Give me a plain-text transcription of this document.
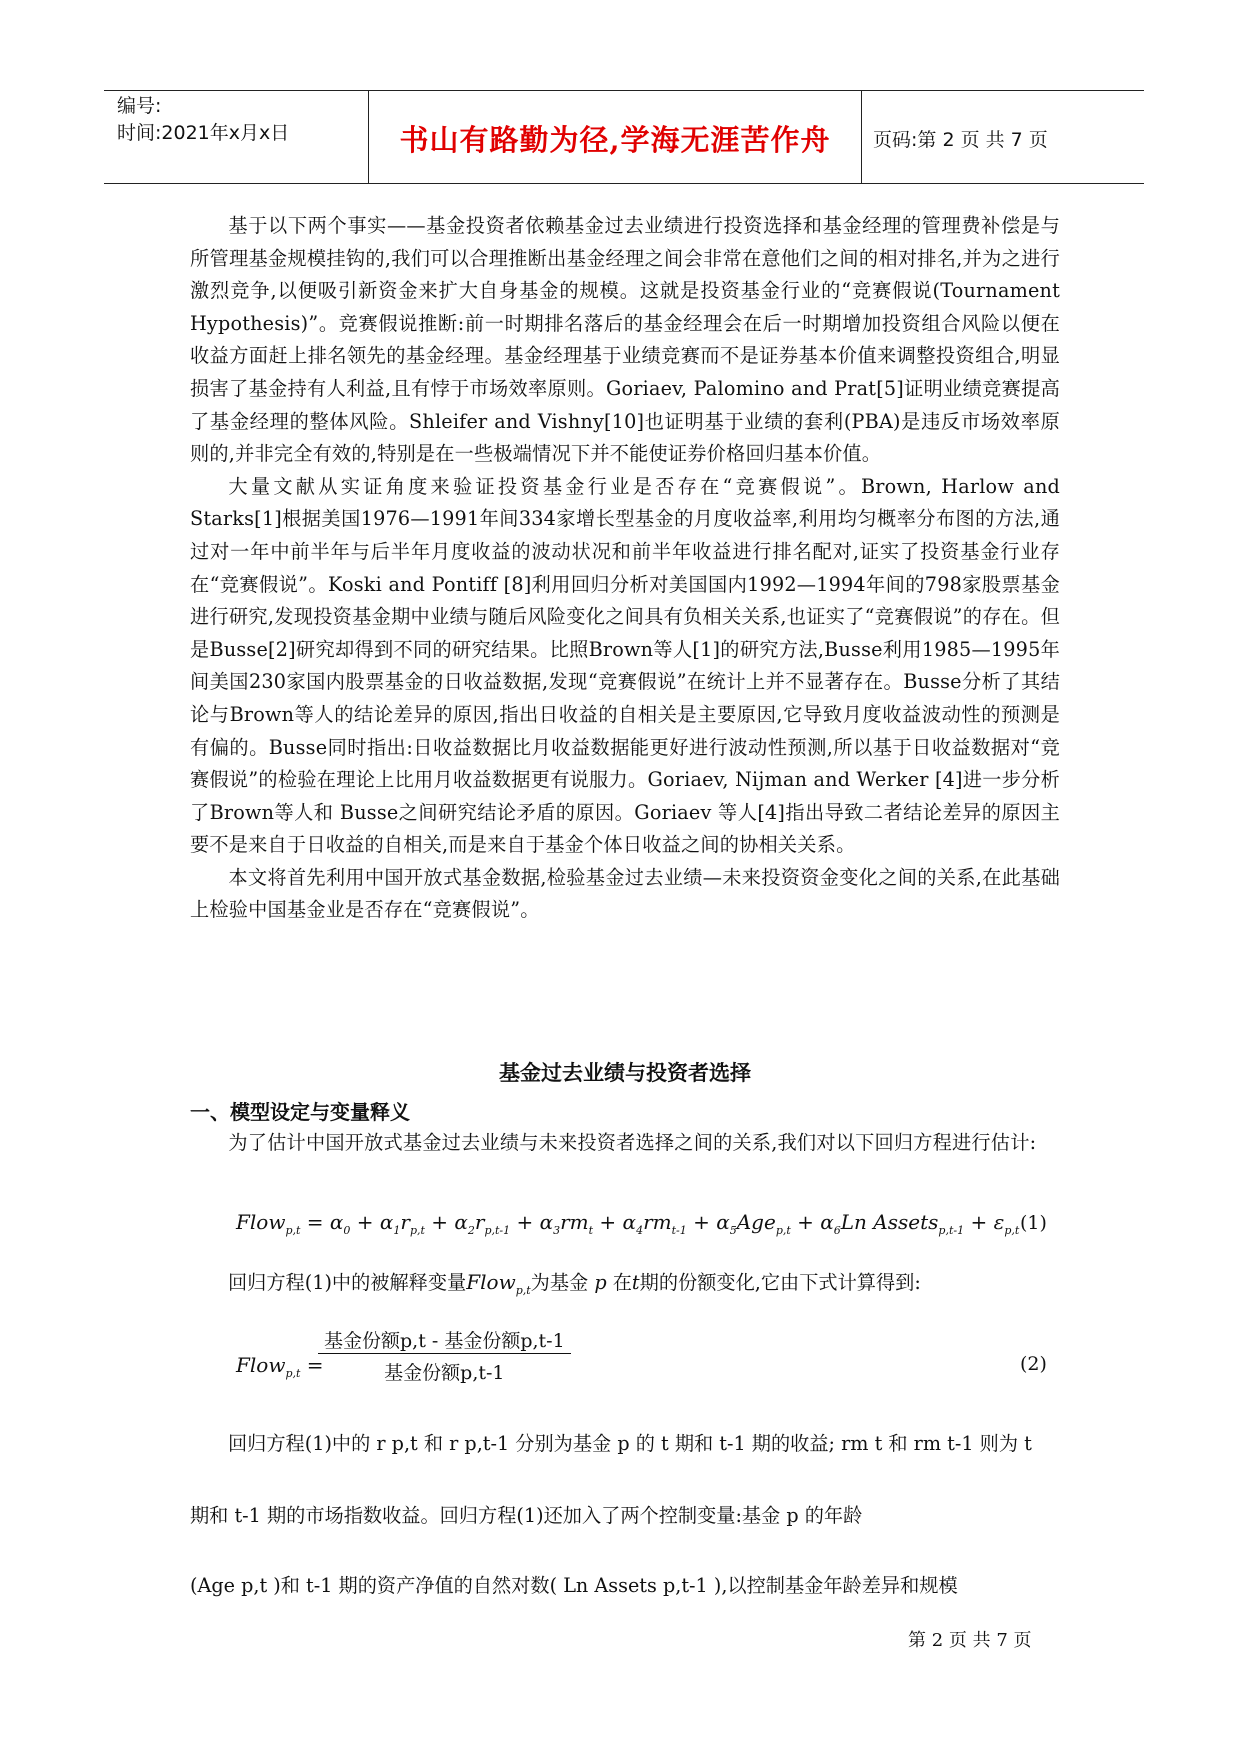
编号:
时间:2021年x月x日	书山有路勤为径,学海无涯苦作舟	页码:第 2 页 共 7 页

基于以下两个事实——基金投资者依赖基金过去业绩进行投资选择和基金经理的管理费补偿是与所管理基金规模挂钩的,我们可以合理推断出基金经理之间会非常在意他们之间的相对排名,并为之进行激烈竞争,以便吸引新资金来扩大自身基金的规模。这就是投资基金行业的“竞赛假说(Tournament Hypothesis)”。竞赛假说推断:前一时期排名落后的基金经理会在后一时期增加投资组合风险以便在收益方面赶上排名领先的基金经理。基金经理基于业绩竞赛而不是证券基本价值来调整投资组合,明显损害了基金持有人利益,且有悖于市场效率原则。Goriaev, Palomino and Prat[5]证明业绩竞赛提高了基金经理的整体风险。Shleifer and Vishny[10]也证明基于业绩的套利(PBA)是违反市场效率原则的,并非完全有效的,特别是在一些极端情况下并不能使证券价格回归基本价值。

大量文献从实证角度来验证投资基金行业是否存在“竞赛假说”。Brown, Harlow and Starks[1]根据美国1976—1991年间334家增长型基金的月度收益率,利用均匀概率分布图的方法,通过对一年中前半年与后半年月度收益的波动状况和前半年收益进行排名配对,证实了投资基金行业存在“竞赛假说”。Koski and Pontiff [8]利用回归分析对美国国内1992—1994年间的798家股票基金进行研究,发现投资基金期中业绩与随后风险变化之间具有负相关关系,也证实了“竞赛假说”的存在。但是Busse[2]研究却得到不同的研究结果。比照Brown等人[1]的研究方法,Busse利用1985—1995年间美国230家国内股票基金的日收益数据,发现“竞赛假说”在统计上并不显著存在。Busse分析了其结论与Brown等人的结论差异的原因,指出日收益的自相关是主要原因,它导致月度收益波动性的预测是有偏的。Busse同时指出:日收益数据比月收益数据能更好进行波动性预测,所以基于日收益数据对“竞赛假说”的检验在理论上比用月收益数据更有说服力。Goriaev, Nijman and Werker [4]进一步分析了Brown等人和 Busse之间研究结论矛盾的原因。Goriaev 等人[4]指出导致二者结论差异的原因主要不是来自于日收益的自相关,而是来自于基金个体日收益之间的协相关关系。

本文将首先利用中国开放式基金数据,检验基金过去业绩—未来投资资金变化之间的关系,在此基础上检验中国基金业是否存在“竞赛假说”。

基金过去业绩与投资者选择
一、模型设定与变量释义

为了估计中国开放式基金过去业绩与未来投资者选择之间的关系,我们对以下回归方程进行估计:

Flow$_{p,t}$ = $\alpha_0 + \alpha_1r_{p,t} + \alpha_2r_{p,t-1} + \alpha_3rm_t + \alpha_4rm_{t-1} + \alpha_5Age_{p,t} + \alpha_6Ln$ Assets$_{p,t-1}$ + $\varepsilon_{p,t}$ (1)
回归方程(1)中的被解释变量Flow$_{p,t}$为基金 p 在t期的份额变化,它由下式计算得到:
Flow$_{p,t}$ =
基金份额p,t - 基金份额p,t-1
基金份额p,t-1	(2)
回归方程(1)中的 r p,t 和 r p,t-1 分别为基金 p 的 t 期和 t-1 期的收益; rm t 和 rm t-1 则为 t
期和 t-1 期的市场指数收益。回归方程(1)还加入了两个控制变量:基金 p 的年龄
(Age p,t )和 t-1 期的资产净值的自然对数( Ln Assets p,t-1 ),以控制基金年龄差异和规模
第 2 页 共 7 页
